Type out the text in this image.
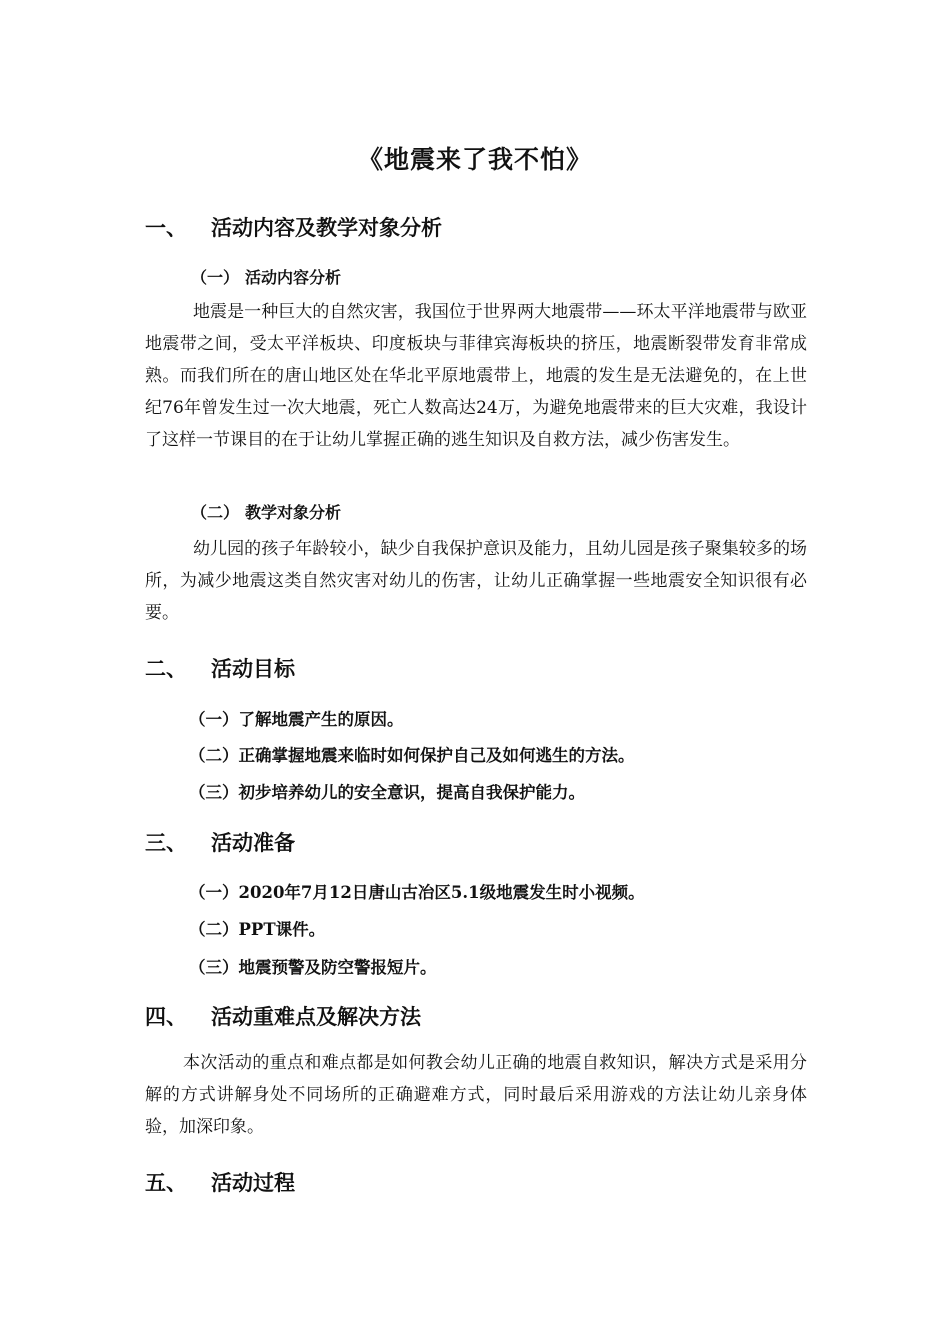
《地震来了我不怕》
一、 活动内容及教学对象分析
（一） 活动内容分析

地震是一种巨大的自然灾害，我国位于世界两大地震带——环太平洋地震带与欧亚地震带之间，受太平洋板块、印度板块与菲律宾海板块的挤压，地震断裂带发育非常成熟。而我们所在的唐山地区处在华北平原地震带上，地震的发生是无法避免的，在上世纪76年曾发生过一次大地震，死亡人数高达24万，为避免地震带来的巨大灾难，我设计了这样一节课目的在于让幼儿掌握正确的逃生知识及自救方法，减少伤害发生。

（二） 教学对象分析

幼儿园的孩子年龄较小，缺少自我保护意识及能力，且幼儿园是孩子聚集较多的场所，为减少地震这类自然灾害对幼儿的伤害，让幼儿正确掌握一些地震安全知识很有必要。

二、 活动目标
（一）了解地震产生的原因。
（二）正确掌握地震来临时如何保护自己及如何逃生的方法。
（三）初步培养幼儿的安全意识，提高自我保护能力。
三、 活动准备
（一）2020年7月12日唐山古冶区5.1级地震发生时小视频。
（二）PPT课件。
（三）地震预警及防空警报短片。
四、 活动重难点及解决方法

本次活动的重点和难点都是如何教会幼儿正确的地震自救知识，解决方式是采用分解的方式讲解身处不同场所的正确避难方式，同时最后采用游戏的方法让幼儿亲身体验，加深印象。

五、 活动过程
